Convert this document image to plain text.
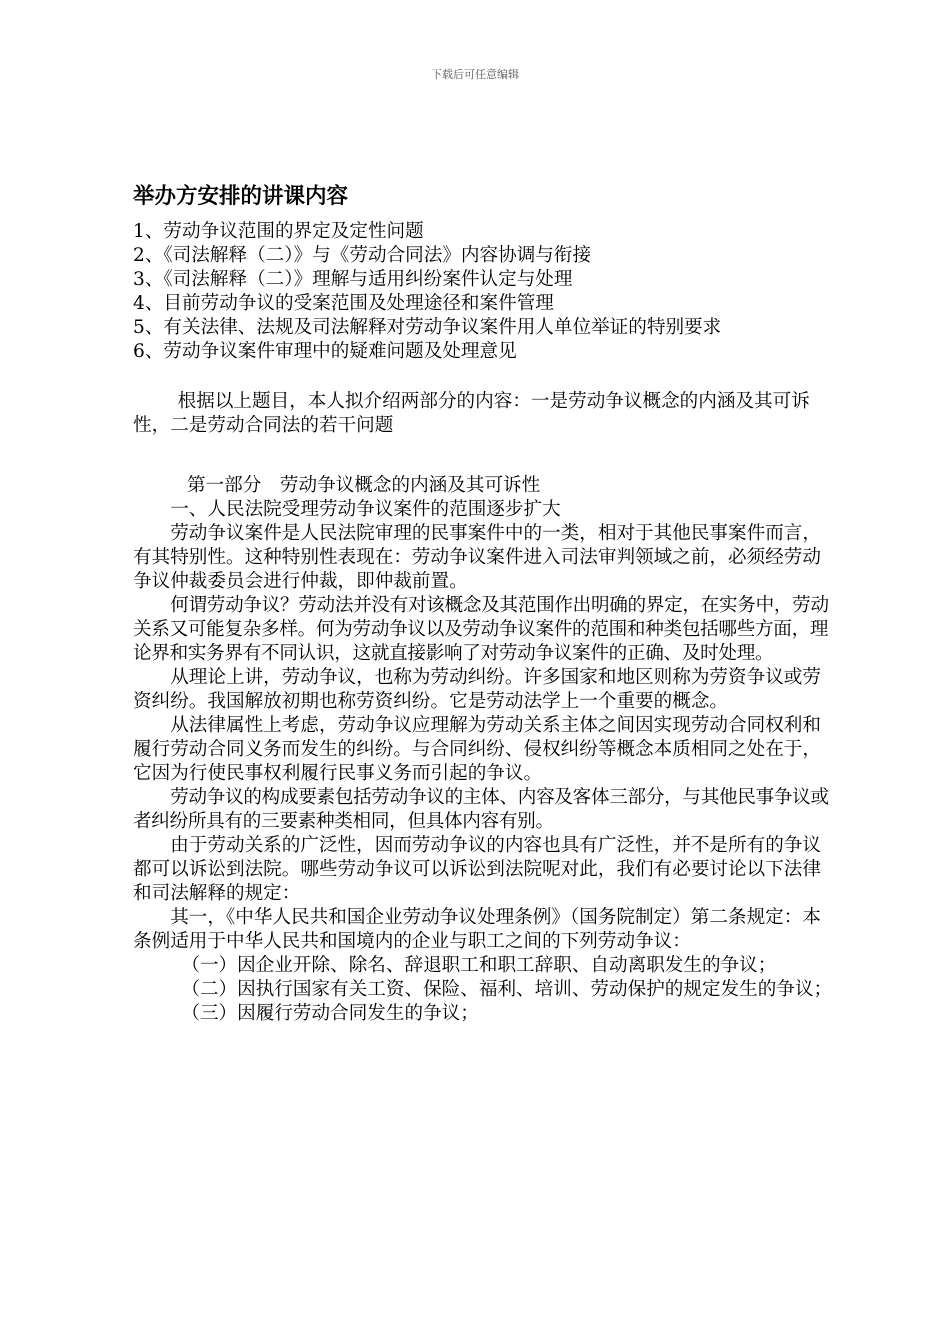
下载后可任意编辑
举办方安排的讲课内容
1、劳动争议范围的界定及定性问题
2、《司法解释（二）》与《劳动合同法》内容协调与衔接
3、《司法解释（二）》理解与适用纠纷案件认定与处理
4、目前劳动争议的受案范围及处理途径和案件管理
5、有关法律、法规及司法解释对劳动争议案件用人单位举证的特别要求
6、劳动争议案件审理中的疑难问题及处理意见

根据以上题目，本人拟介绍两部分的内容：一是劳动争议概念的内涵及其可诉性，二是劳动合同法的若干问题

第一部分　劳动争议概念的内涵及其可诉性

一、人民法院受理劳动争议案件的范围逐步扩大

劳动争议案件是人民法院审理的民事案件中的一类，相对于其他民事案件而言，有其特别性。这种特别性表现在：劳动争议案件进入司法审判领域之前，必须经劳动争议仲裁委员会进行仲裁，即仲裁前置。

何谓劳动争议？劳动法并没有对该概念及其范围作出明确的界定，在实务中，劳动关系又可能复杂多样。何为劳动争议以及劳动争议案件的范围和种类包括哪些方面，理论界和实务界有不同认识，这就直接影响了对劳动争议案件的正确、及时处理。

从理论上讲，劳动争议，也称为劳动纠纷。许多国家和地区则称为劳资争议或劳资纠纷。我国解放初期也称劳资纠纷。它是劳动法学上一个重要的概念。

从法律属性上考虑，劳动争议应理解为劳动关系主体之间因实现劳动合同权利和履行劳动合同义务而发生的纠纷。与合同纠纷、侵权纠纷等概念本质相同之处在于，它因为行使民事权利履行民事义务而引起的争议。

劳动争议的构成要素包括劳动争议的主体、内容及客体三部分，与其他民事争议或者纠纷所具有的三要素种类相同，但具体内容有别。

由于劳动关系的广泛性，因而劳动争议的内容也具有广泛性，并不是所有的争议都可以诉讼到法院。哪些劳动争议可以诉讼到法院呢对此，我们有必要讨论以下法律和司法解释的规定：

其一，《中华人民共和国企业劳动争议处理条例》（国务院制定）第二条规定：本条例适用于中华人民共和国境内的企业与职工之间的下列劳动争议：

（一）因企业开除、除名、辞退职工和职工辞职、自动离职发生的争议；

（二）因执行国家有关工资、保险、福利、培训、劳动保护的规定发生的争议；

（三）因履行劳动合同发生的争议；
